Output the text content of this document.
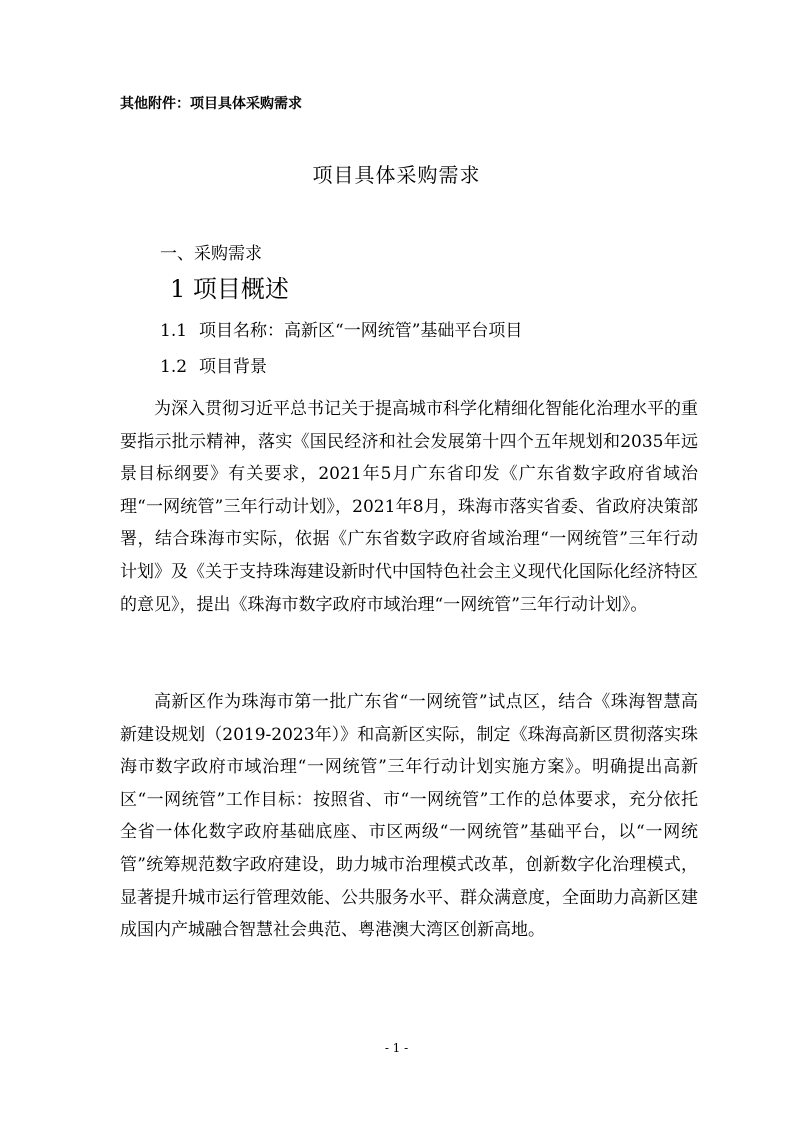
其他附件：项目具体采购需求
项目具体采购需求
一、采购需求
1 项目概述
1.1 项目名称：高新区“一网统管”基础平台项目
1.2 项目背景

为深入贯彻习近平总书记关于提高城市科学化精细化智能化治理水平的重要指示批示精神，落实《国民经济和社会发展第十四个五年规划和2035年远景目标纲要》有关要求，2021年5月广东省印发《广东省数字政府省域治理“一网统管”三年行动计划》，2021年8月，珠海市落实省委、省政府决策部署，结合珠海市实际，依据《广东省数字政府省域治理“一网统管”三年行动计划》及《关于支持珠海建设新时代中国特色社会主义现代化国际化经济特区的意见》，提出《珠海市数字政府市域治理“一网统管”三年行动计划》。

高新区作为珠海市第一批广东省“一网统管”试点区，结合《珠海智慧高新建设规划（2019-2023年）》和高新区实际，制定《珠海高新区贯彻落实珠海市数字政府市域治理“一网统管”三年行动计划实施方案》。明确提出高新区“一网统管”工作目标：按照省、市“一网统管”工作的总体要求，充分依托全省一体化数字政府基础底座、市区两级“一网统管”基础平台，以“一网统管”统筹规范数字政府建设，助力城市治理模式改革，创新数字化治理模式，显著提升城市运行管理效能、公共服务水平、群众满意度，全面助力高新区建成国内产城融合智慧社会典范、粤港澳大湾区创新高地。

- 1 -
